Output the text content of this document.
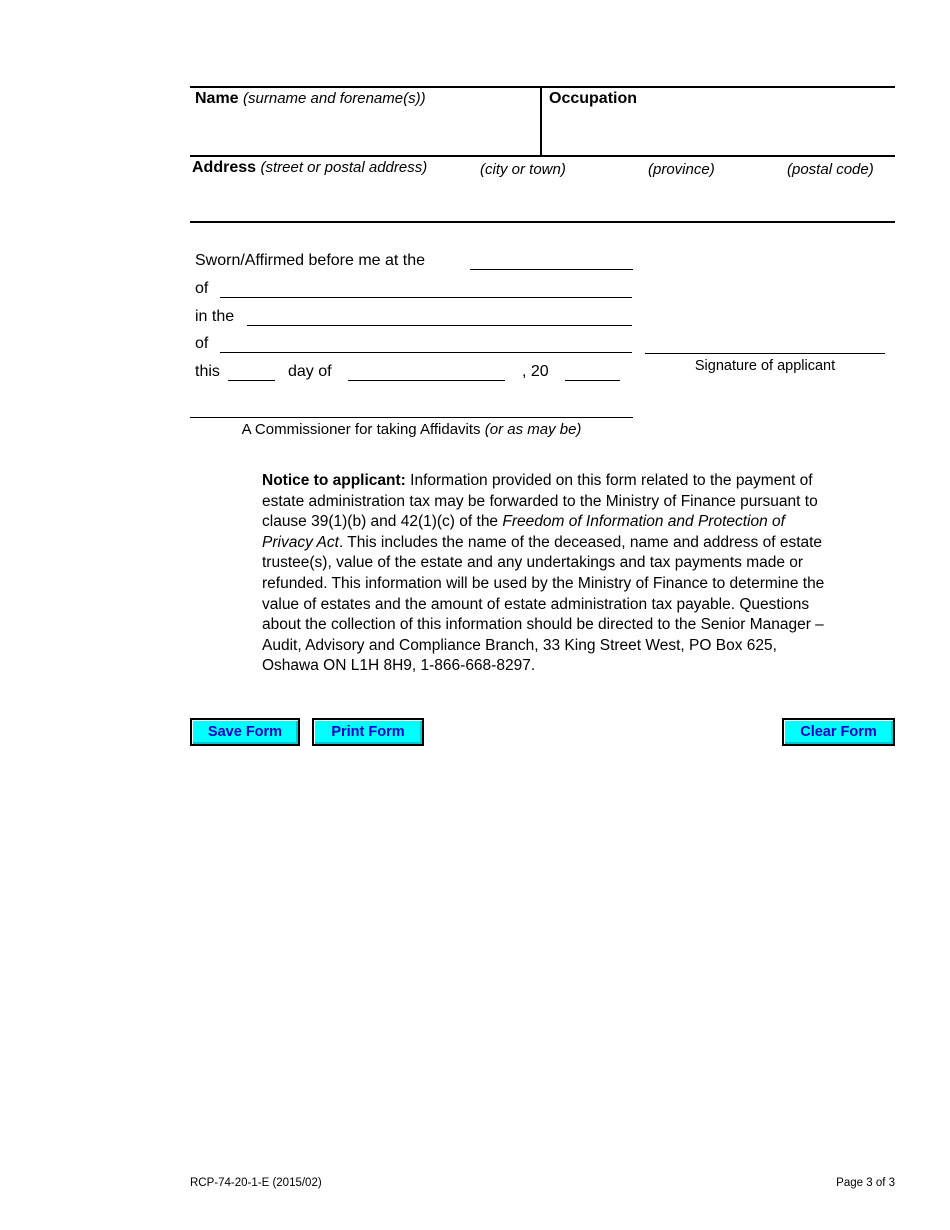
Name (surname and forename(s))	Occupation
Address (street or postal address)	(city or town)	(province)	(postal code)
Sworn/Affirmed before me at the
of
in the
of
this	day of	, 20
A Commissioner for taking Affidavits (or as may be)
Signature of applicant
Notice to applicant: Information provided on this form related to the payment of estate administration tax may be forwarded to the Ministry of Finance pursuant to clause 39(1)(b) and 42(1)(c) of the Freedom of Information and Protection of Privacy Act. This includes the name of the deceased, name and address of estate trustee(s), value of the estate and any undertakings and tax payments made or refunded. This information will be used by the Ministry of Finance to determine the value of estates and the amount of estate administration tax payable. Questions about the collection of this information should be directed to the Senior Manager – Audit, Advisory and Compliance Branch, 33 King Street West, PO Box 625, Oshawa ON L1H 8H9, 1-866-668-8297.
Save Form	Print Form	Clear Form
RCP-74-20-1-E (2015/02)	Page 3 of 3
